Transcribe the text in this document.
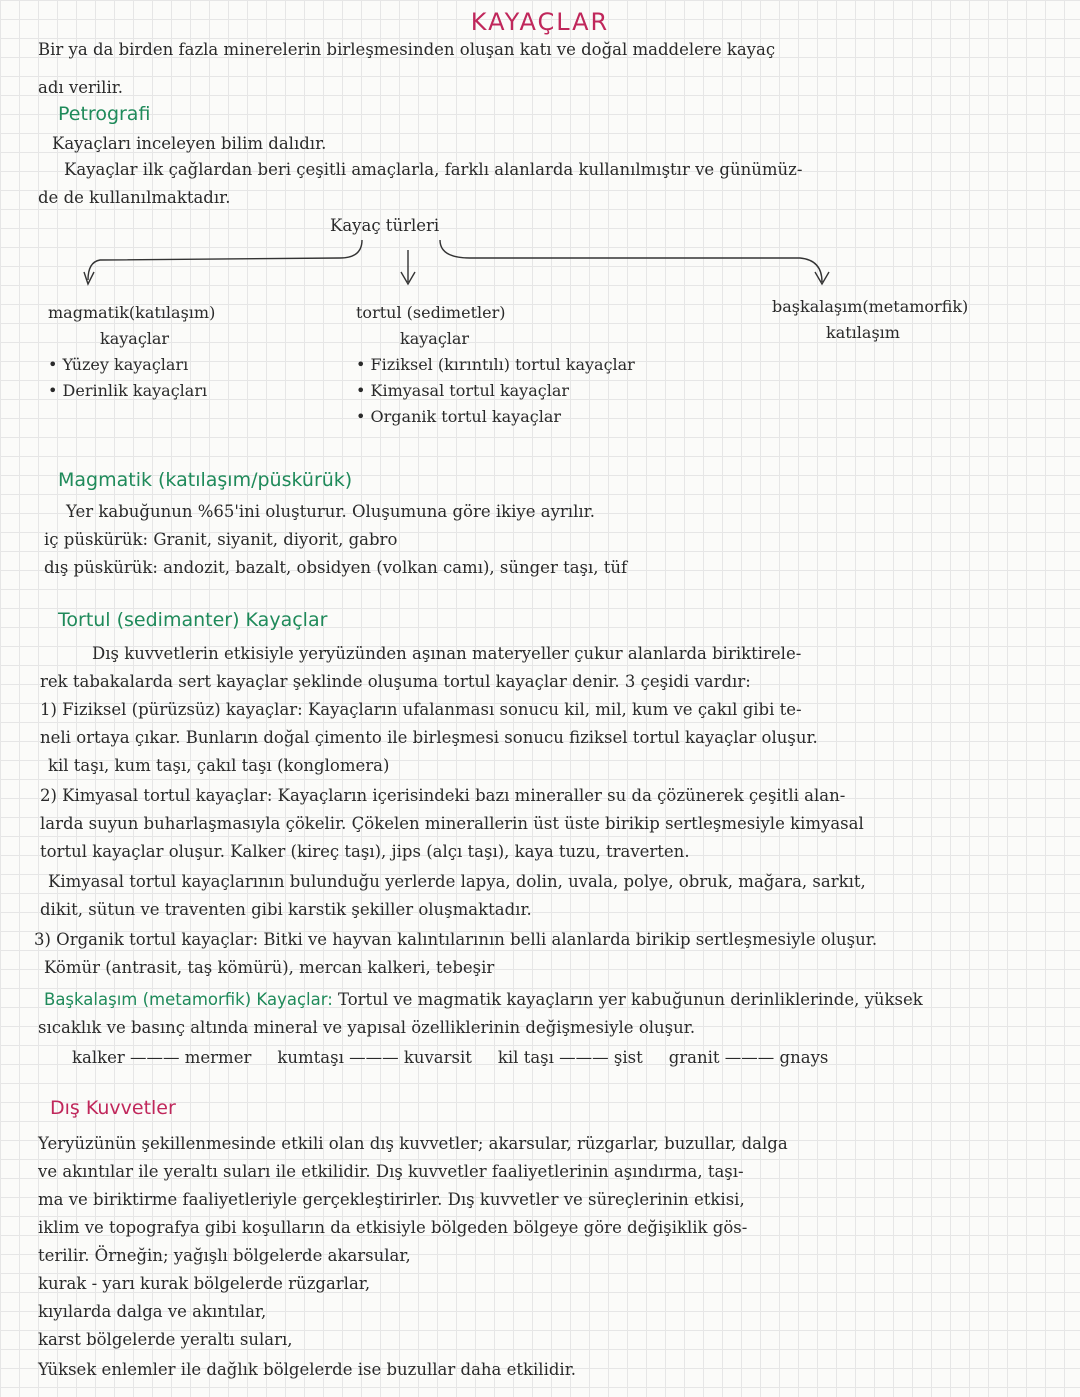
KAYAÇLAR
Bir ya da birden fazla minerelerin birleşmesinden oluşan katı ve doğal maddelere kayaç
adı verilir.
Petrografi
Kayaçları inceleyen bilim dalıdır.
Kayaçlar ilk çağlardan beri çeşitli amaçlarla, farklı alanlarda kullanılmıştır ve günümüz-
de de kullanılmaktadır.
Kayaç türleri
magmatik(katılaşım)
kayaçlar
• Yüzey kayaçları
• Derinlik kayaçları
tortul (sedimetler)
kayaçlar
• Fiziksel (kırıntılı) tortul kayaçlar
• Kimyasal tortul kayaçlar
• Organik tortul kayaçlar
başkalaşım(metamorfik)
katılaşım
Magmatik (katılaşım/püskürük)
Yer kabuğunun %65'ini oluşturur. Oluşumuna göre ikiye ayrılır.
iç püskürük: Granit, siyanit, diyorit, gabro
dış püskürük: andozit, bazalt, obsidyen (volkan camı), sünger taşı, tüf
Tortul (sedimanter) Kayaçlar
Dış kuvvetlerin etkisiyle yeryüzünden aşınan materyeller çukur alanlarda biriktirele-
rek tabakalarda sert kayaçlar şeklinde oluşuma tortul kayaçlar denir. 3 çeşidi vardır:
1) Fiziksel (pürüzsüz) kayaçlar: Kayaçların ufalanması sonucu kil, mil, kum ve çakıl gibi te-
neli ortaya çıkar. Bunların doğal çimento ile birleşmesi sonucu fiziksel tortul kayaçlar oluşur.
kil taşı, kum taşı, çakıl taşı (konglomera)
2) Kimyasal tortul kayaçlar: Kayaçların içerisindeki bazı mineraller su da çözünerek çeşitli alan-
larda suyun buharlaşmasıyla çökelir. Çökelen minerallerin üst üste birikip sertleşmesiyle kimyasal
tortul kayaçlar oluşur. Kalker (kireç taşı), jips (alçı taşı), kaya tuzu, traverten.
Kimyasal tortul kayaçlarının bulunduğu yerlerde lapya, dolin, uvala, polye, obruk, mağara, sarkıt,
dikit, sütun ve traventen gibi karstik şekiller oluşmaktadır.
3) Organik tortul kayaçlar: Bitki ve hayvan kalıntılarının belli alanlarda birikip sertleşmesiyle oluşur.
Kömür (antrasit, taş kömürü), mercan kalkeri, tebeşir
Başkalaşım (metamorfik) Kayaçlar: Tortul ve magmatik kayaçların yer kabuğunun derinliklerinde, yüksek
sıcaklık ve basınç altında mineral ve yapısal özelliklerinin değişmesiyle oluşur.
kalker ——— mermer kumtaşı ——— kuvarsit kil taşı ——— şist granit ——— gnays
Dış Kuvvetler
Yeryüzünün şekillenmesinde etkili olan dış kuvvetler; akarsular, rüzgarlar, buzullar, dalga
ve akıntılar ile yeraltı suları ile etkilidir. Dış kuvvetler faaliyetlerinin aşındırma, taşı-
ma ve biriktirme faaliyetleriyle gerçekleştirirler. Dış kuvvetler ve süreçlerinin etkisi,
iklim ve topografya gibi koşulların da etkisiyle bölgeden bölgeye göre değişiklik gös-
terilir. Örneğin; yağışlı bölgelerde akarsular,
kurak - yarı kurak bölgelerde rüzgarlar,
kıyılarda dalga ve akıntılar,
karst bölgelerde yeraltı suları,
Yüksek enlemler ile dağlık bölgelerde ise buzullar daha etkilidir.
